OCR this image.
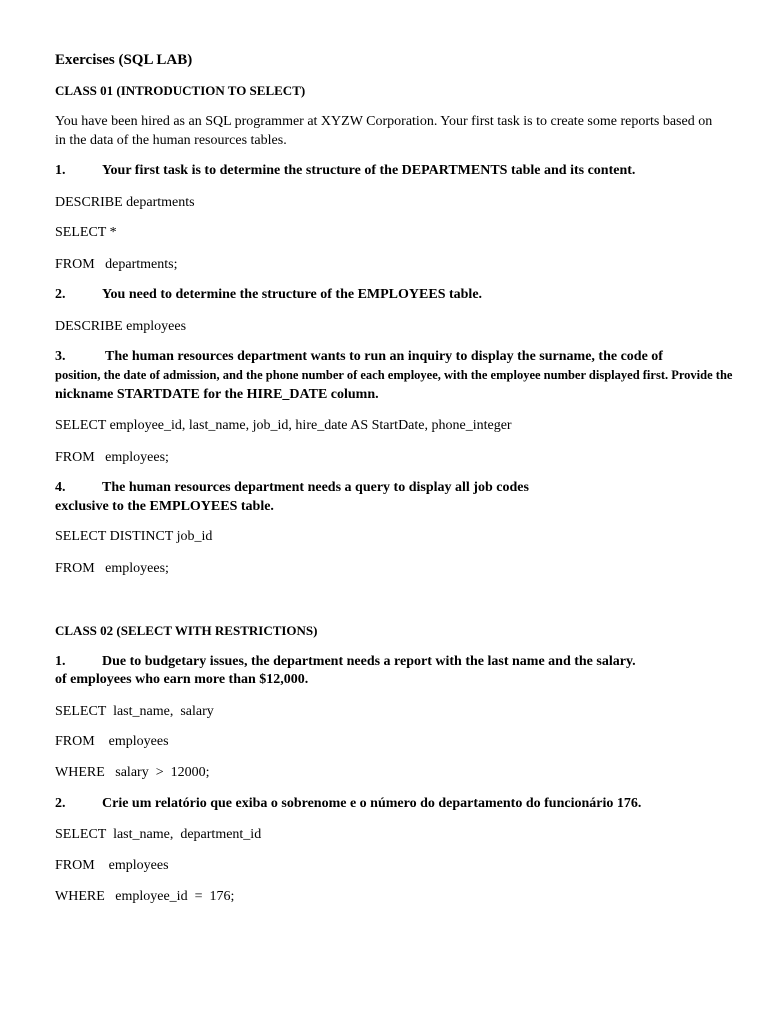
Exercises (SQL LAB)
CLASS 01 (INTRODUCTION TO SELECT)

You have been hired as an SQL programmer at XYZW Corporation. Your first task is to create some reports based on

in the data of the human resources tables.

1.	Your first task is to determine the structure of the DEPARTMENTS table and its content.

DESCRIBE departments

SELECT *

FROM   departments;

2.	You need to determine the structure of the EMPLOYEES table.

DESCRIBE employees

3.	The human resources department wants to run an inquiry to display the surname, the code of

position, the date of admission, and the phone number of each employee, with the employee number displayed first. Provide the

nickname STARTDATE for the HIRE_DATE column.

SELECT employee_id, last_name, job_id, hire_date AS StartDate, phone_integer

FROM   employees;

4.	The human resources department needs a query to display all job codes

exclusive to the EMPLOYEES table.

SELECT DISTINCT job_id

FROM   employees;

CLASS 02 (SELECT WITH RESTRICTIONS)

1.	Due to budgetary issues, the department needs a report with the last name and the salary.

of employees who earn more than $12,000.

SELECT  last_name,  salary

FROM    employees

WHERE   salary  >  12000;

2.	Crie um relatório que exiba o sobrenome e o número do departamento do funcionário 176.

SELECT  last_name,  department_id

FROM    employees

WHERE   employee_id  =  176;
